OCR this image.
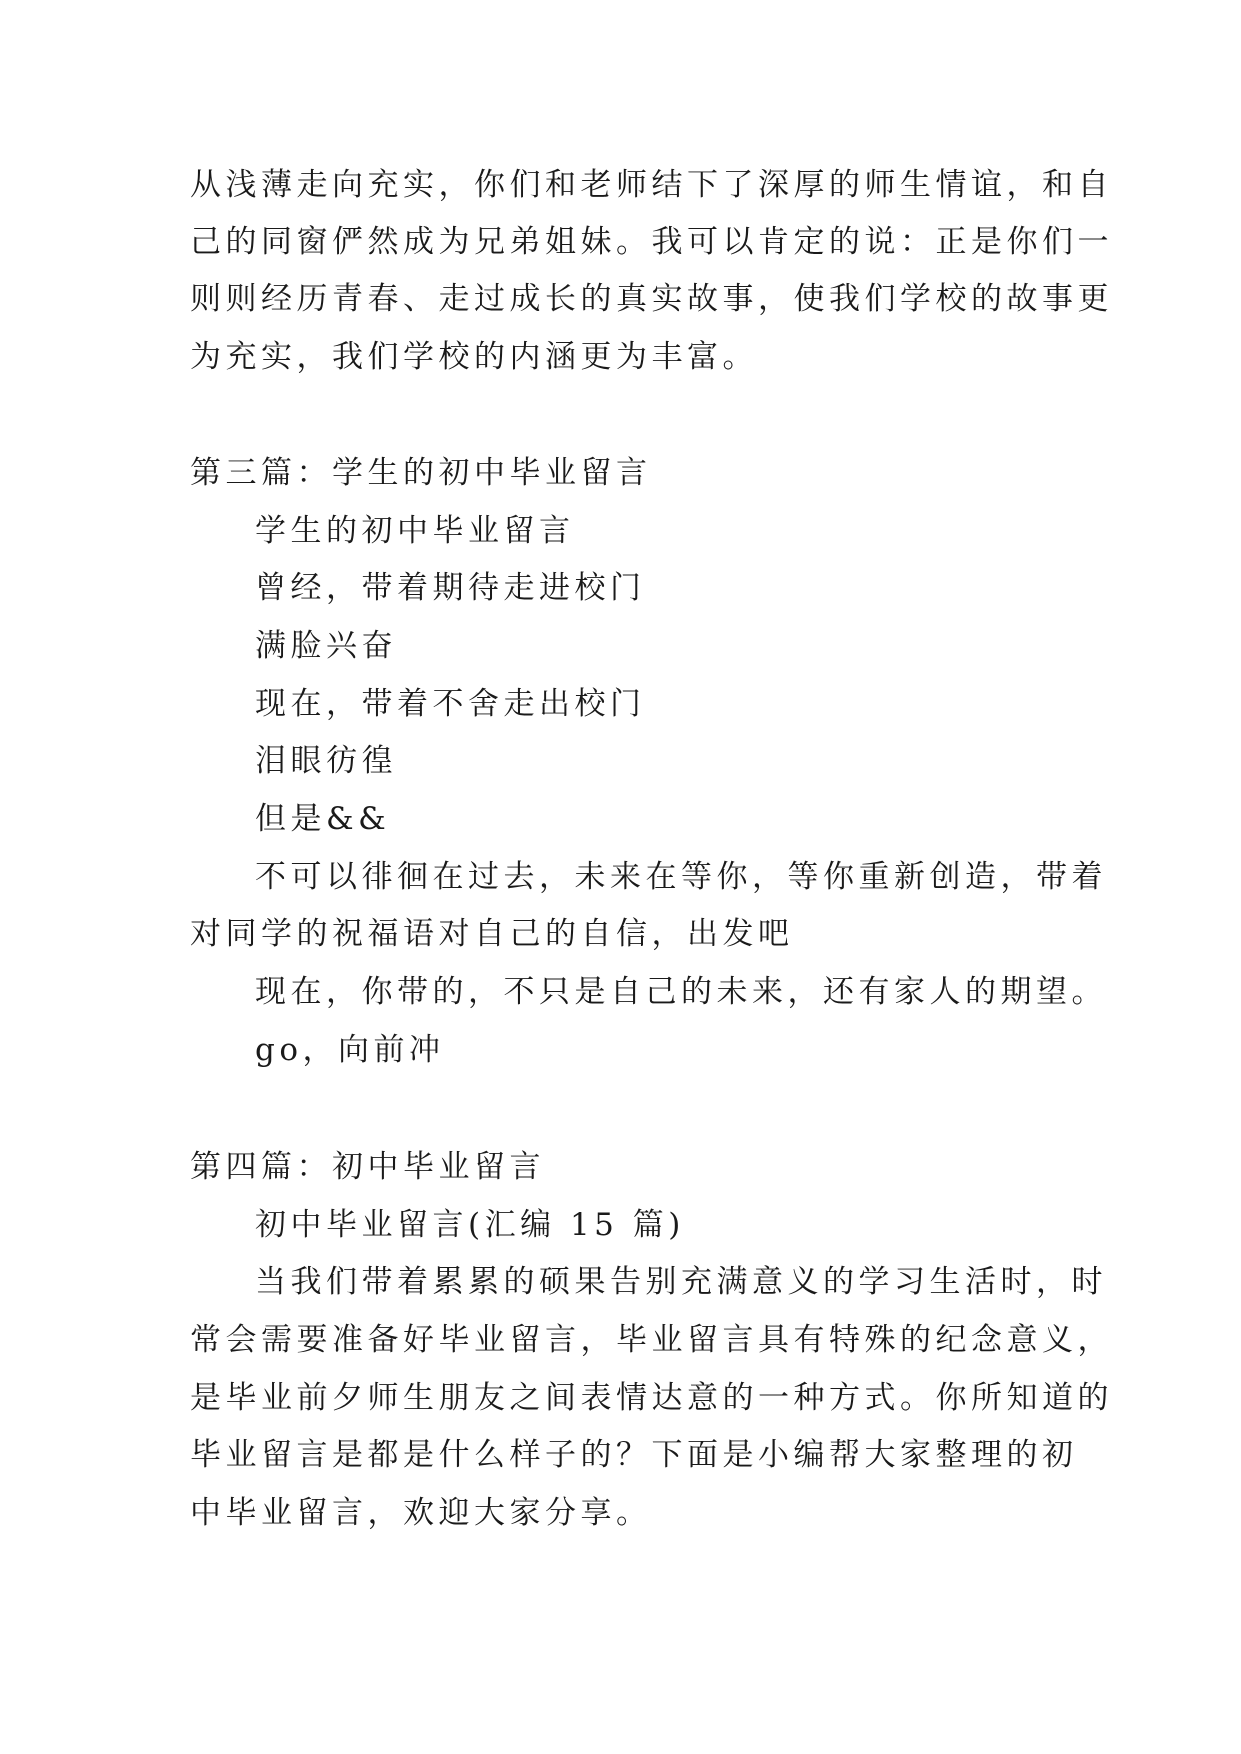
从浅薄走向充实，你们和老师结下了深厚的师生情谊，和自
己的同窗俨然成为兄弟姐妹。我可以肯定的说：正是你们一
则则经历青春、走过成长的真实故事，使我们学校的故事更
为充实，我们学校的内涵更为丰富。
第三篇：学生的初中毕业留言
学生的初中毕业留言
曾经，带着期待走进校门
满脸兴奋
现在，带着不舍走出校门
泪眼彷徨
但是&&
不可以徘徊在过去，未来在等你，等你重新创造，带着
对同学的祝福语对自己的自信，出发吧
现在，你带的，不只是自己的未来，还有家人的期望。
go，向前冲
第四篇：初中毕业留言
初中毕业留言(汇编 15 篇)
当我们带着累累的硕果告别充满意义的学习生活时，时
常会需要准备好毕业留言，毕业留言具有特殊的纪念意义，
是毕业前夕师生朋友之间表情达意的一种方式。你所知道的
毕业留言是都是什么样子的？下面是小编帮大家整理的初
中毕业留言，欢迎大家分享。
